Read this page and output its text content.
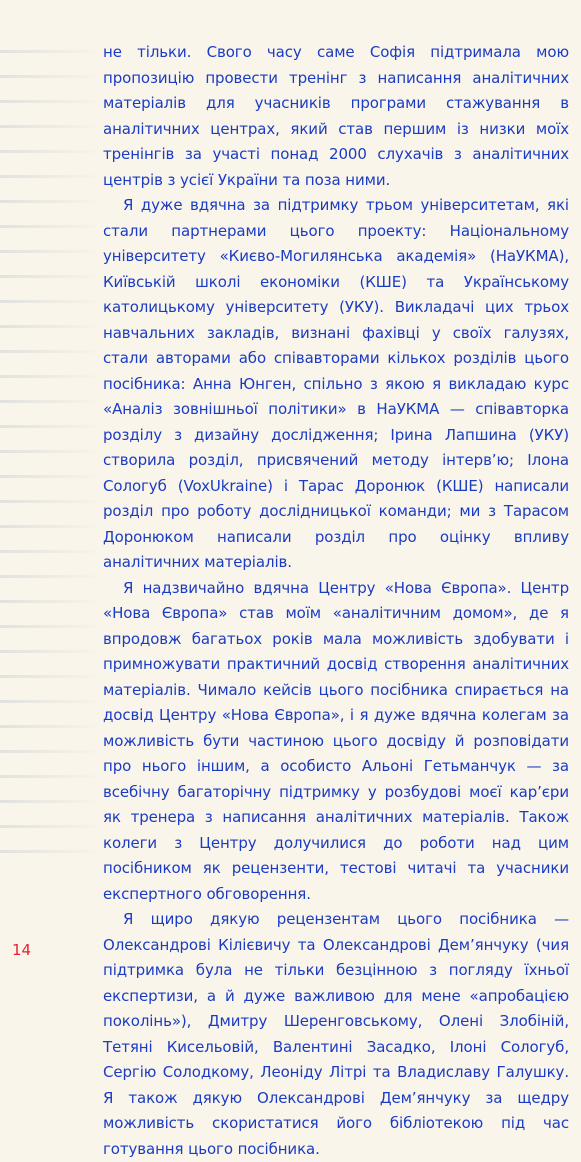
не тільки. Свого часу саме Софія підтримала мою пропозицію провести тренінг з написання аналітичних матеріалів для учасників програми стажування в аналітичних центрах, який став першим із низки моїх тренінгів за участі понад 2000 слухачів з аналітичних центрів з усієї України та поза ними.

Я дуже вдячна за підтримку трьом університетам, які стали партнерами цього проекту: Національному університету «Києво-Могилянська академія» (НаУКМА), Київській школі економіки (КШЕ) та Українському католицькому університету (УКУ). Викладачі цих трьох навчальних закладів, визнані фахівці у своїх галузях, стали авторами або співавторами кількох розділів цього посібника: Анна Юнген, спільно з якою я викладаю курс «Аналіз зовнішньої політики» в НаУКМА — співавторка розділу з дизайну дослідження; Ірина Лапшина (УКУ) створила розділ, присвячений методу інтерв’ю; Ілона Сологуб (VoxUkraine) і Тарас Доронюк (КШЕ) написали розділ про роботу дослідницької команди; ми з Тарасом Доронюком написали розділ про оцінку впливу аналітичних матеріалів.

Я надзвичайно вдячна Центру «Нова Європа». Центр «Нова Європа» став моїм «аналітичним домом», де я впродовж багатьох років мала можливість здобувати і примножувати практичний досвід створення аналітичних матеріалів. Чимало кейсів цього посібника спирається на досвід Центру «Нова Європа», і я дуже вдячна колегам за можливість бути частиною цього досвіду й розповідати про нього іншим, а особисто Альоні Гетьманчук — за всебічну багаторічну підтримку у розбудові моєї кар’єри як тренера з написання аналітичних матеріалів. Також колеги з Центру долучилися до роботи над цим посібником як рецензенти, тестові читачі та учасники експертного обговорення.

Я щиро дякую рецензентам цього посібника — Олександрові Кілієвичу та Олександрові Дем’янчуку (чия підтримка була не тільки безцінною з погляду їхньої експертизи, а й дуже важливою для мене «апробацією поколінь»), Дмитру Шеренговському, Олені Злобіній, Тетяні Кисельовій, Валентині Засадко, Ілоні Сологуб, Сергію Солодкому, Леоніду Літрі та Владиславу Галушку. Я також дякую Олександрові Дем’янчуку за щедру можливість скористатися його бібліотекою під час готування цього посібника.

14
